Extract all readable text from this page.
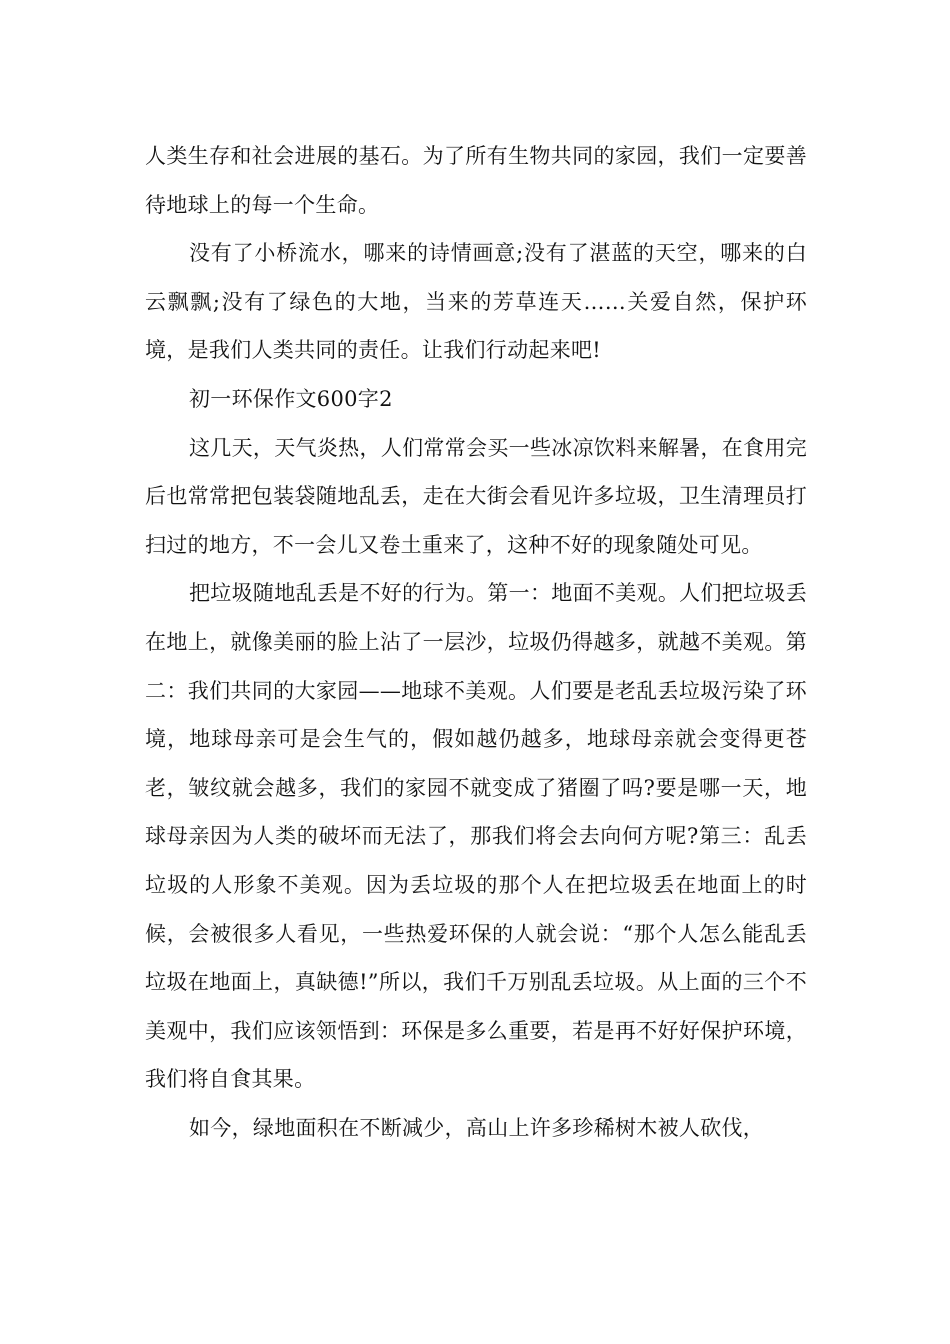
人类生存和社会进展的基石。为了所有生物共同的家园，我们一定要善待地球上的每一个生命。

没有了小桥流水，哪来的诗情画意;没有了湛蓝的天空，哪来的白云飘飘;没有了绿色的大地，当来的芳草连天……关爱自然，保护环境，是我们人类共同的责任。让我们行动起来吧!

初一环保作文600字2

这几天，天气炎热，人们常常会买一些冰凉饮料来解暑，在食用完后也常常把包装袋随地乱丢，走在大街会看见许多垃圾，卫生清理员打扫过的地方，不一会儿又卷土重来了，这种不好的现象随处可见。

把垃圾随地乱丢是不好的行为。第一：地面不美观。人们把垃圾丢在地上，就像美丽的脸上沾了一层沙，垃圾仍得越多，就越不美观。第二：我们共同的大家园——地球不美观。人们要是老乱丢垃圾污染了环境，地球母亲可是会生气的，假如越仍越多，地球母亲就会变得更苍老，皱纹就会越多，我们的家园不就变成了猪圈了吗?要是哪一天，地球母亲因为人类的破坏而无法了，那我们将会去向何方呢?第三：乱丢垃圾的人形象不美观。因为丢垃圾的那个人在把垃圾丢在地面上的时候，会被很多人看见，一些热爱环保的人就会说：“那个人怎么能乱丢垃圾在地面上，真缺德!”所以，我们千万别乱丢垃圾。从上面的三个不美观中，我们应该领悟到：环保是多么重要，若是再不好好保护环境，我们将自食其果。

如今，绿地面积在不断减少，高山上许多珍稀树木被人砍伐，
